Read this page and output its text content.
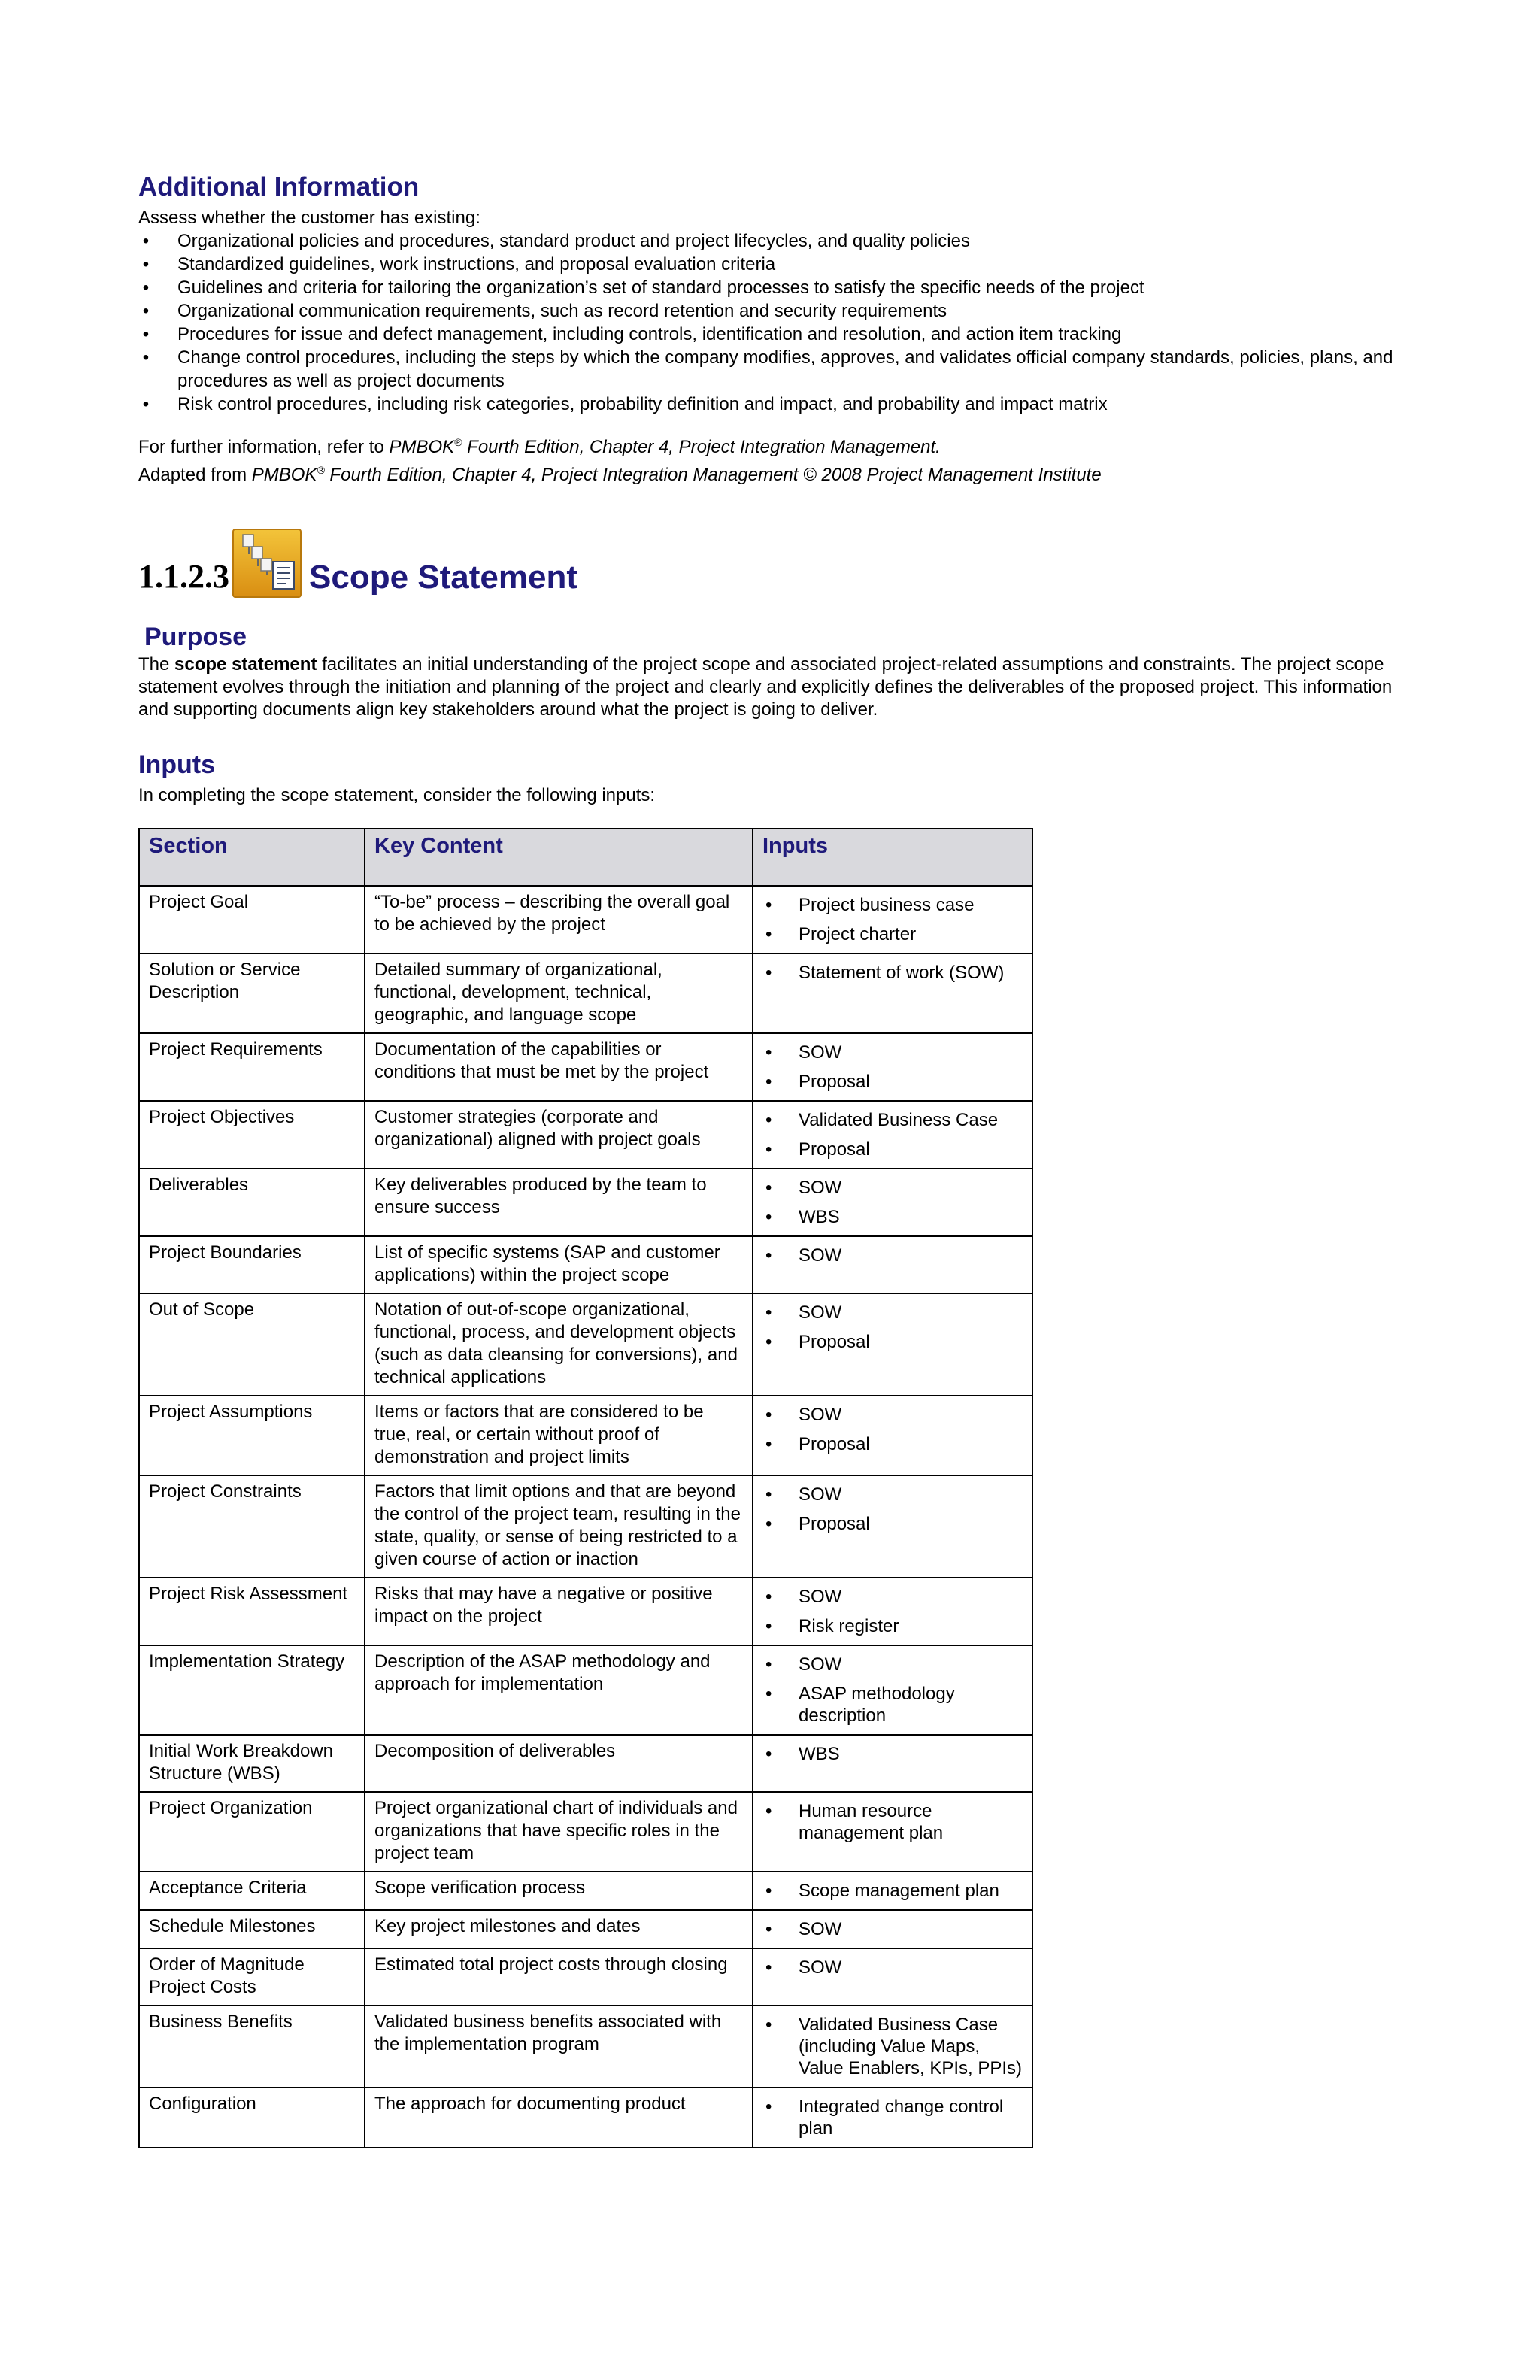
Additional Information

Assess whether the customer has existing:

• Organizational policies and procedures, standard product and project lifecycles, and quality policies
• Standardized guidelines, work instructions, and proposal evaluation criteria
• Guidelines and criteria for tailoring the organization’s set of standard processes to satisfy the specific needs of the project
• Organizational communication requirements, such as record retention and security requirements
• Procedures for issue and defect management, including controls, identification and resolution, and action item tracking
• Change control procedures, including the steps by which the company modifies, approves, and validates official company standards, policies, plans, and procedures as well as project documents
• Risk control procedures, including risk categories, probability definition and impact, and probability and impact matrix

For further information, refer to PMBOK® Fourth Edition, Chapter 4, Project Integration Management.

Adapted from PMBOK® Fourth Edition, Chapter 4, Project Integration Management © 2008 Project Management Institute

1.1.2.3 Scope Statement
Purpose

The scope statement facilitates an initial understanding of the project scope and associated project-related assumptions and constraints. The project scope statement evolves through the initiation and planning of the project and clearly and explicitly defines the deliverables of the proposed project. This information and supporting documents align key stakeholders around what the project is going to deliver.

Inputs

In completing the scope statement, consider the following inputs:

Section	Key Content	Inputs
Project Goal	“To-be” process – describing the overall goal to be achieved by the project	• Project business case
• Project charter

Solution or Service Description	Detailed summary of organizational, functional, development, technical, geographic, and language scope	• Statement of work (SOW)

Project Requirements	Documentation of the capabilities or conditions that must be met by the project	• SOW
• Proposal

Project Objectives	Customer strategies (corporate and organizational) aligned with project goals	• Validated Business Case
• Proposal

Deliverables	Key deliverables produced by the team to ensure success	• SOW
• WBS

Project Boundaries	List of specific systems (SAP and customer applications) within the project scope	• SOW

Out of Scope	Notation of out-of-scope organizational, functional, process, and development objects (such as data cleansing for conversions), and technical applications	• SOW
• Proposal

Project Assumptions	Items or factors that are considered to be true, real, or certain without proof of demonstration and project limits	• SOW
• Proposal

Project Constraints	Factors that limit options and that are beyond the control of the project team, resulting in the state, quality, or sense of being restricted to a given course of action or inaction	• SOW
• Proposal

Project Risk Assessment	Risks that may have a negative or positive impact on the project	• SOW
• Risk register

Implementation Strategy	Description of the ASAP methodology and approach for implementation	• SOW
• ASAP methodology description

Initial Work Breakdown Structure (WBS)	Decomposition of deliverables	• WBS

Project Organization	Project organizational chart of individuals and organizations that have specific roles in the project team	• Human resource management plan

Acceptance Criteria	Scope verification process	• Scope management plan

Schedule Milestones	Key project milestones and dates	• SOW

Order of Magnitude Project Costs	Estimated total project costs through closing	• SOW

Business Benefits	Validated business benefits associated with the implementation program	• Validated Business Case (including Value Maps, Value Enablers, KPIs, PPIs)

Configuration	The approach for documenting product	• Integrated change control plan
